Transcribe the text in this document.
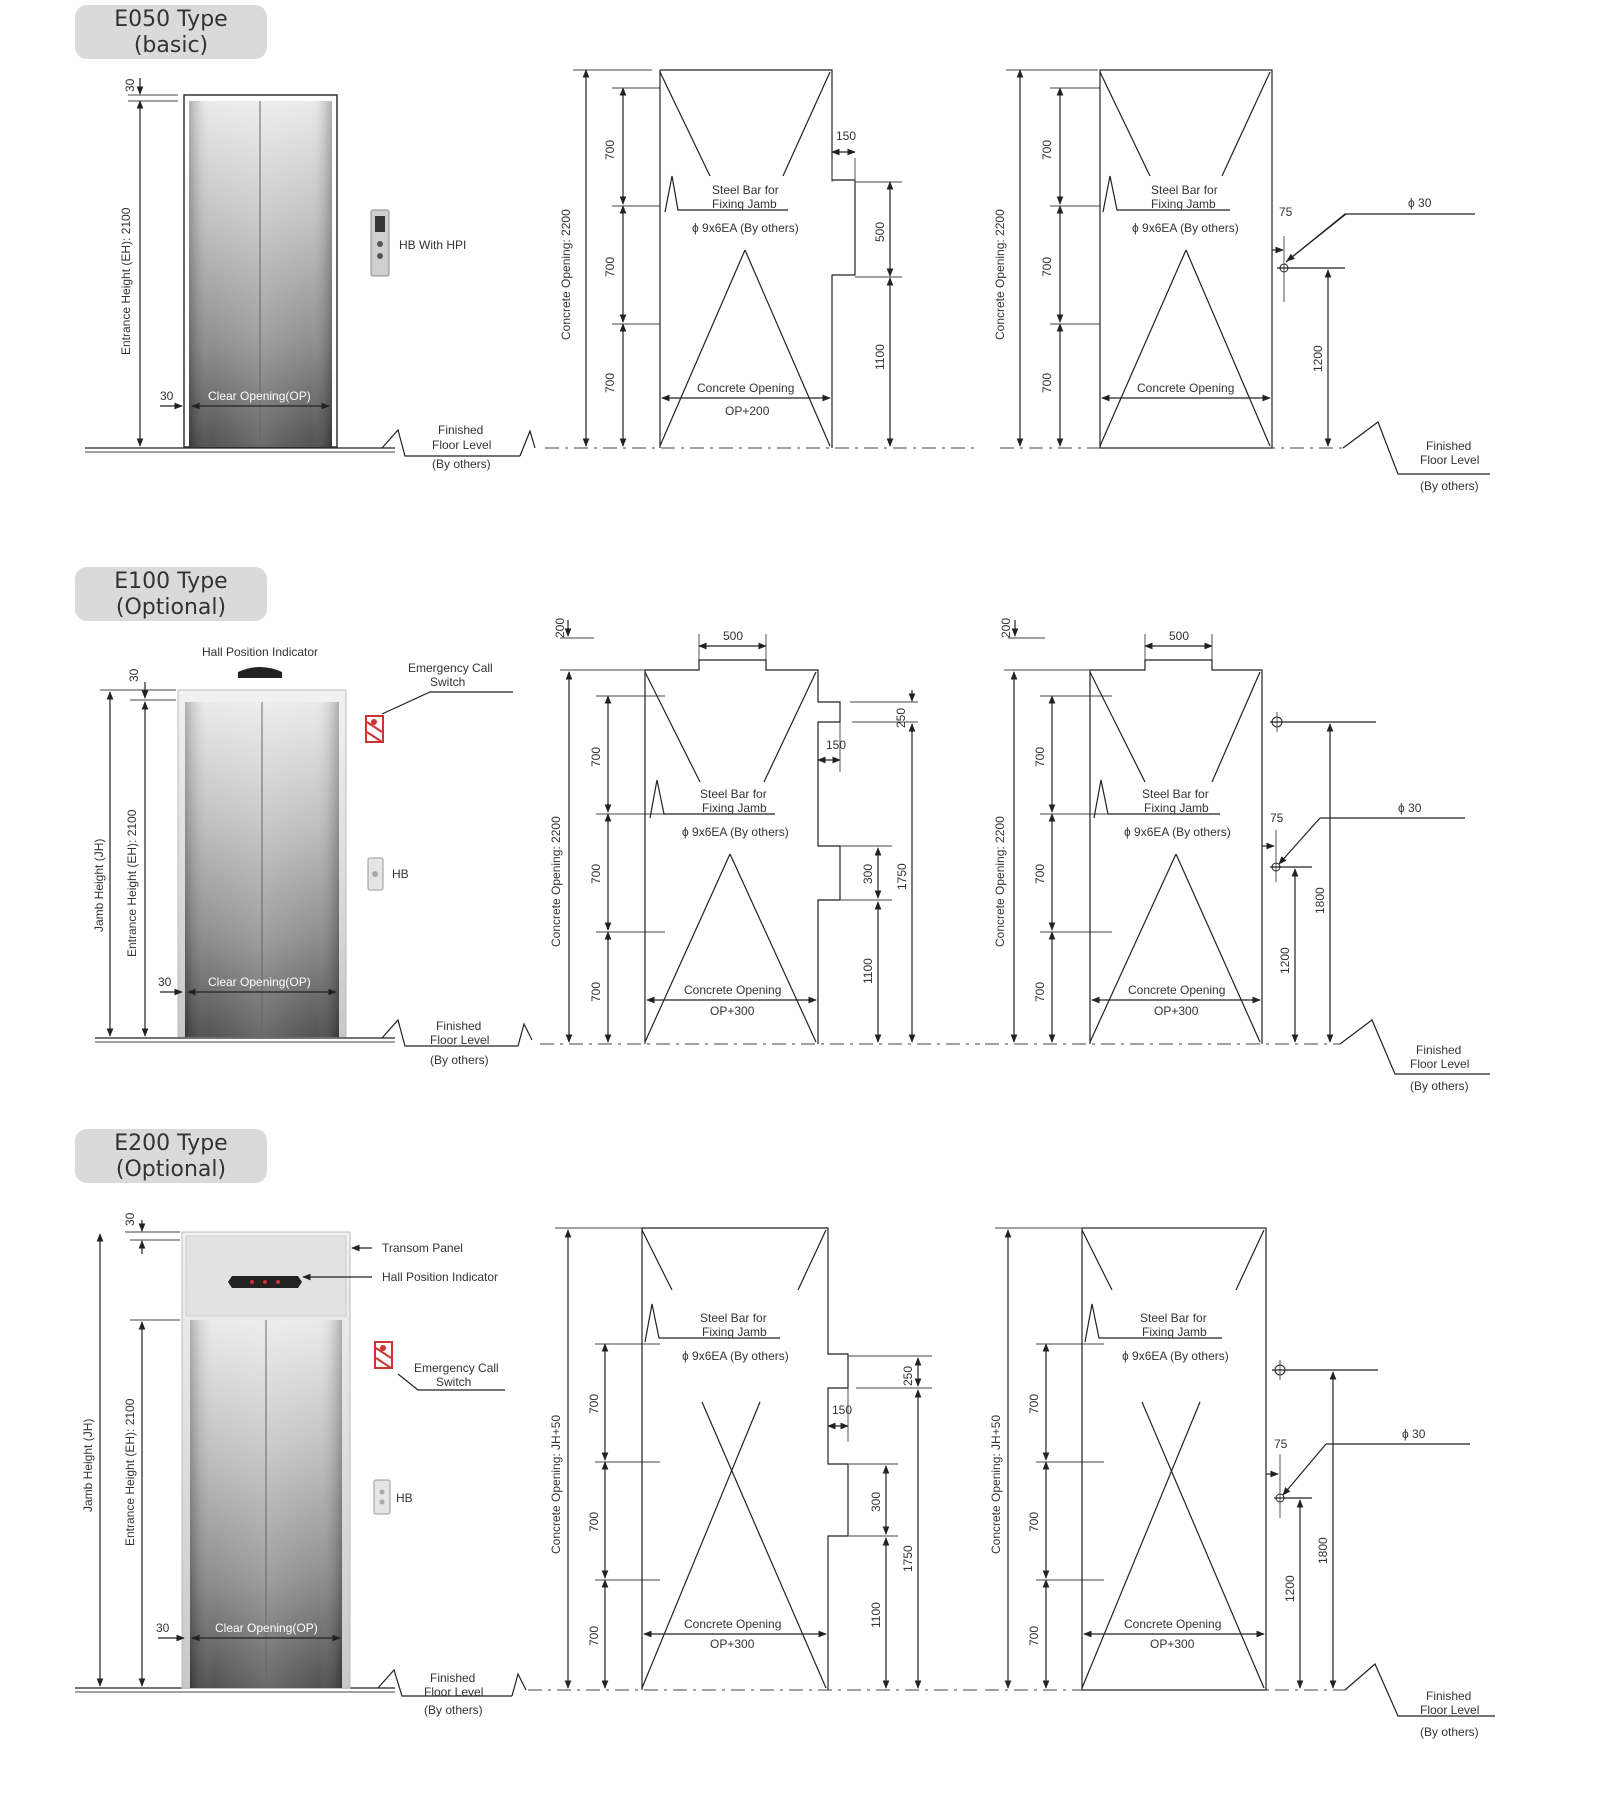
E050 Type
(basic)
30
Entrance Height (EH): 2100
30	Clear Opening(OP)
HB With HPI
Finished
Floor Level
(By others)
Concrete Opening: 2200
700
700
700
Steel Bar for
Fixing Jamb
ϕ 9x6EA (By others)
150
500
1100
Concrete Opening
OP+200
Concrete Opening: 2200
700
700
700
Steel Bar for
Fixing Jamb
ϕ 9x6EA (By others)
75
ϕ 30
1200
Concrete Opening
Finished
Floor Level
(By others)
E100 Type
(Optional)
Hall Position Indicator
30
Jamb Height (JH) Entrance Height (EH): 2100
30	Clear Opening(OP)
Emergency Call
Switch
HB
Finished
Floor Level
(By others)
200	500
Concrete Opening: 2200
700
700
700
Steel Bar for
Fixing Jamb
ϕ 9x6EA (By others)
250
150
300 1750
1100
Concrete Opening
OP+300
200	500
Concrete Opening: 2200
700
700
700
Steel Bar for
Fixing Jamb
ϕ 9x6EA (By others)
1800
75
ϕ 30
1200
Concrete Opening
OP+300
Finished
Floor Level
(By others)
E200 Type
(Optional)
30
Transom Panel
Hall Position Indicator
Jamb Height (JH) Entrance Height (EH): 2100
Emergency Call
Switch
HB
30	Clear Opening(OP)
Finished
Floor Level
(By others)
Concrete Opening: JH+50
700
700
700
Steel Bar for
Fixing Jamb
ϕ 9x6EA (By others)
250
150
300
1750
1100
Concrete Opening
OP+300
Concrete Opening: JH+50
700
700
700
Steel Bar for
Fixing Jamb
ϕ 9x6EA (By others)
1800
75
ϕ 30
1200
Concrete Opening
OP+300
Finished
Floor Level
(By others)
